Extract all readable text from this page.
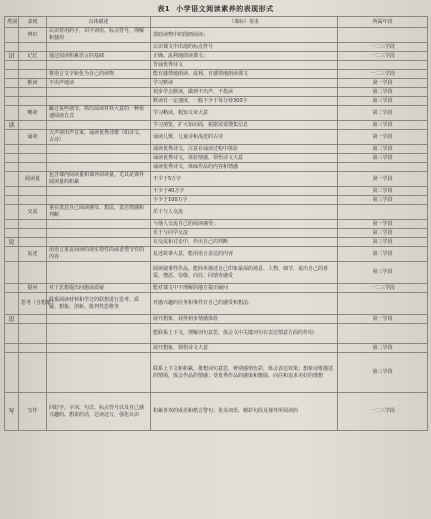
表1 小学语文阅读素养的表现形式
类别	表现	具体描述	《课标》要求	所属年段
	辨识	认识常用的字，识字词语、标点符号，理解和使用	借助读物中的图画阅读；	
			认识课文中出现的标点符号	一二三学段
识	记忆	通过阅读积累语言的基础	正确、流利地朗读课文；	一二三学段
			背诵优秀诗文	
		将语言文字转化为自己的读物	能有感情地朗读、流利、有感情地朗读课文	一二三学段
	默读	不出声地读	学习默读	第一学段
			初步学会默读，做到不出声，不指读	第二学段
			默读有一定速度，一般不少于每分钟300字	第三学段
	略读	跳过某些细节，抓住阅读材料大意的一种快速阅读方式	学习略读，粗知文章大意	第二学段
读			学习浏览，扩大知识面，根据需要搜集信息	第三学段
	诵读	大声读出声音来，诵读优秀诗歌（如诗文、古诗）	诵读儿歌，儿童诗和浅近的古诗	第一学段
			诵读优秀诗文，注意在诵读过程中体验	第二学段
			诵读优秀诗文，体验情感，领悟诗文大意	第三学段
			诵读优秀诗文，体味作品的内容和情感	
	阅读量	包含课内阅读量和课外阅读量，尤其是课外阅读量的积累	不少于5万字	第一学段
			不少于40万字	第二学段
			不少于100万字	第三学段
	交流	重在表达自己阅读感受、想法，表达情感和判断	乐于与人交流	
			与他人交流自己的阅读感受；	第一学段
			乐于与同学交流	第二学段
说			在交流和讨论中，作出自己的判断	第三学段
	复述	用语言重复阅读的现实情性的或者情节性的内容	复述故事大意，能用语言表达的内容	第二学段
			阅读叙事性作品，能简单描述自己印象最深的场景、人物、细节，说出自己的喜爱、憎恶、崇敬、向往、同情等感受	第三学段
	提问	对于思想提出问题或质疑	能对课文中不理解的地方提出疑问	一二三学段
	思考（含想象）	联系阅读材料和学过的联想进行思考、质疑、想象、创新、批判性思维等	对感兴趣的任务和事件有自己的感受和想法；	
思			展开想象，获得初步情感体验	第一学段
			能联系上下文，理解词句意思，体会文中关键词句在表达情意方面的作用；	
			展开想象，领悟诗文大意	第二学段
			联系上下文和积累，推想词句意思，辨别感情色彩，体会表达效果；想象诗歌描述的情境，体会作品的情感；受优秀作品的感染和激励，向往和追求美好的理想	第三学段
写	写作	同好字、字词、句式、标点符号以及自己感兴趣的、想说的话，达读这写，强化认识	积累喜欢的成语和格言警句；优美词语、精彩句段及课外所阅读的	一二三学段
